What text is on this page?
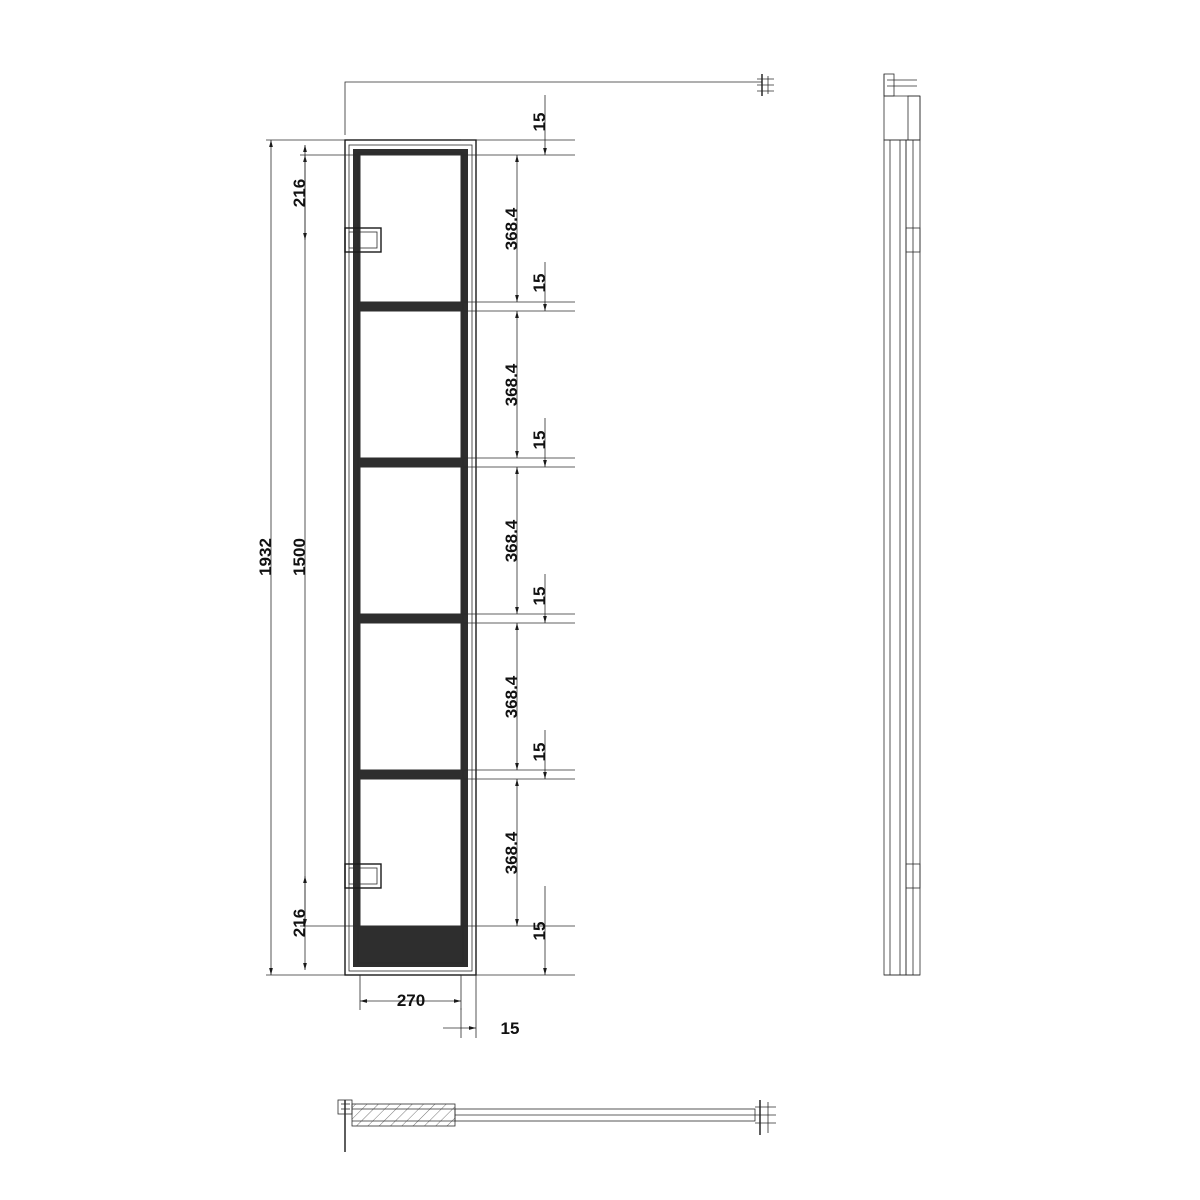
1932 1500
216
216
15
368.4
15
368.4
15
368.4
15
368.4
15
368.4
15
270
15
